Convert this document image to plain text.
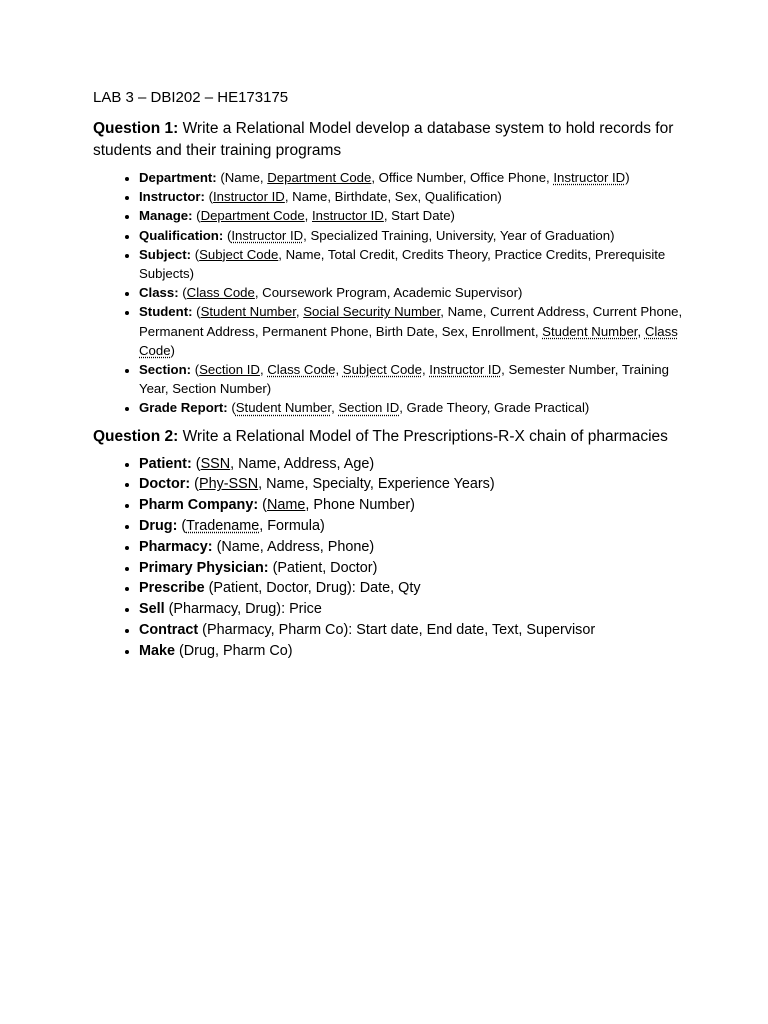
LAB 3 – DBI202 – HE173175
Question 1: Write a Relational Model develop a database system to hold records for students and their training programs
• Department: (Name, Department Code, Office Number, Office Phone, Instructor ID)
• Instructor: (Instructor ID, Name, Birthdate, Sex, Qualification)
• Manage: (Department Code, Instructor ID, Start Date)
• Qualification: (Instructor ID, Specialized Training, University, Year of Graduation)
• Subject: (Subject Code, Name, Total Credit, Credits Theory, Practice Credits, Prerequisite Subjects)
• Class: (Class Code, Coursework Program, Academic Supervisor)
• Student: (Student Number, Social Security Number, Name, Current Address, Current Phone, Permanent Address, Permanent Phone, Birth Date, Sex, Enrollment, Student Number, Class Code)
• Section: (Section ID, Class Code, Subject Code, Instructor ID, Semester Number, Training Year, Section Number)
• Grade Report: (Student Number, Section ID, Grade Theory, Grade Practical)
Question 2: Write a Relational Model of The Prescriptions-R-X chain of pharmacies
• Patient: (SSN, Name, Address, Age)
• Doctor: (Phy-SSN, Name, Specialty, Experience Years)
• Pharm Company: (Name, Phone Number)
• Drug: (Tradename, Formula)
• Pharmacy: (Name, Address, Phone)
• Primary Physician: (Patient, Doctor)
• Prescribe (Patient, Doctor, Drug): Date, Qty
• Sell (Pharmacy, Drug): Price
• Contract (Pharmacy, Pharm Co): Start date, End date, Text, Supervisor
• Make (Drug, Pharm Co)
